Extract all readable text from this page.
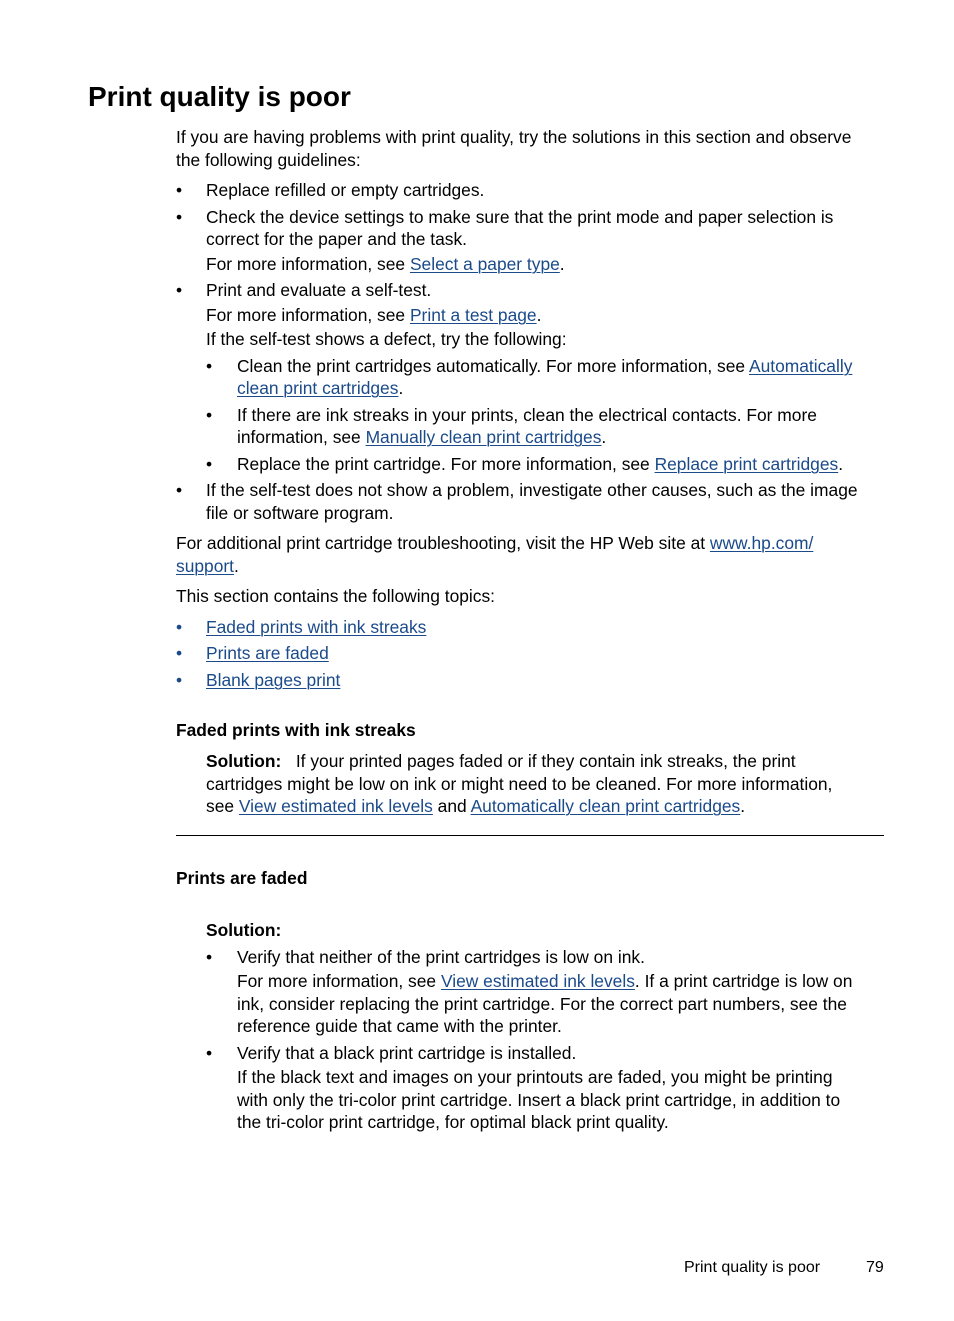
Print quality is poor
If you are having problems with print quality, try the solutions in this section and observe
the following guidelines:
• Replace refilled or empty cartridges.
• Check the device settings to make sure that the print mode and paper selection is
correct for the paper and the task.
For more information, see Select a paper type.
• Print and evaluate a self-test.
For more information, see Print a test page.
If the self-test shows a defect, try the following:
• Clean the print cartridges automatically. For more information, see Automatically
clean print cartridges.
• If there are ink streaks in your prints, clean the electrical contacts. For more
information, see Manually clean print cartridges.
• Replace the print cartridge. For more information, see Replace print cartridges.
• If the self-test does not show a problem, investigate other causes, such as the image
file or software program.
For additional print cartridge troubleshooting, visit the HP Web site at www.hp.com/
support.
This section contains the following topics:
• Faded prints with ink streaks
• Prints are faded
• Blank pages print
Faded prints with ink streaks
Solution: If your printed pages faded or if they contain ink streaks, the print
cartridges might be low on ink or might need to be cleaned. For more information,
see View estimated ink levels and Automatically clean print cartridges.
Prints are faded
Solution:
• Verify that neither of the print cartridges is low on ink.
For more information, see View estimated ink levels. If a print cartridge is low on
ink, consider replacing the print cartridge. For the correct part numbers, see the
reference guide that came with the printer.
• Verify that a black print cartridge is installed.
If the black text and images on your printouts are faded, you might be printing
with only the tri-color print cartridge. Insert a black print cartridge, in addition to
the tri-color print cartridge, for optimal black print quality.
Print quality is poor	79
